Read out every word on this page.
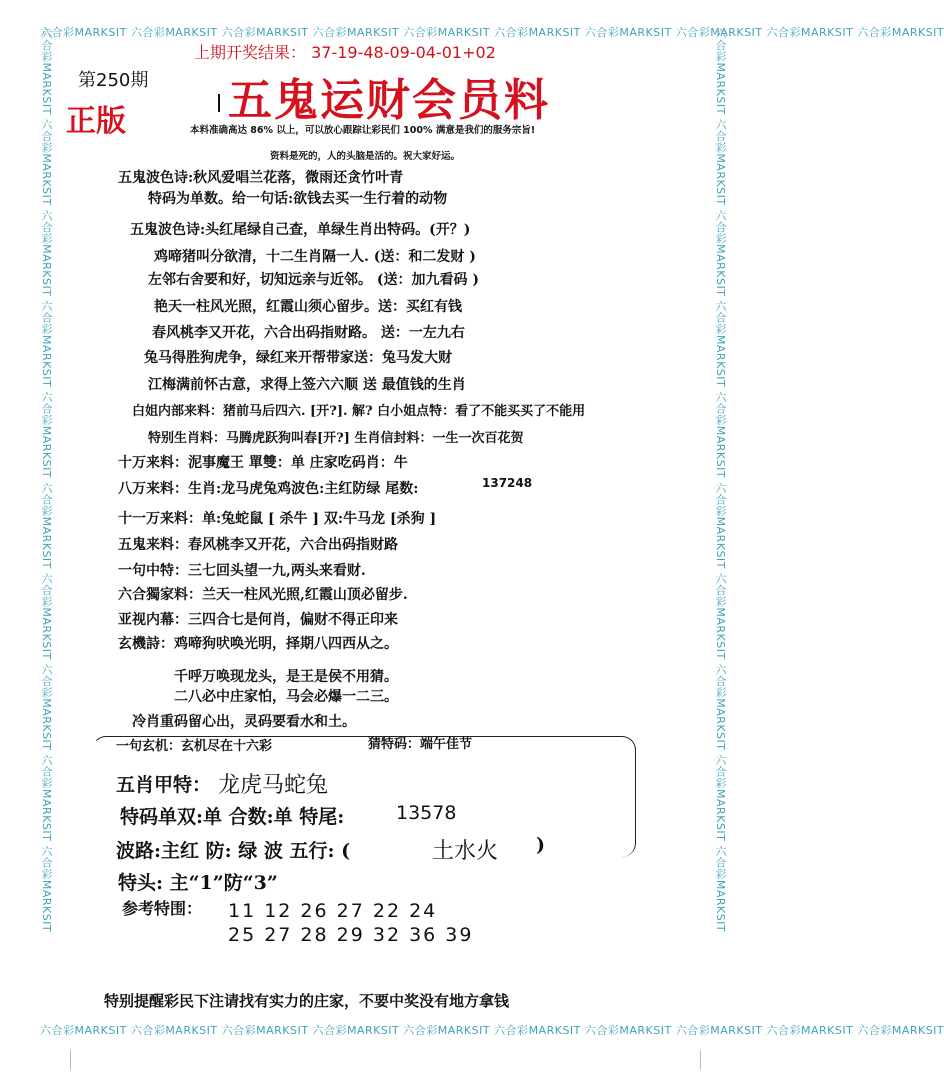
六合彩MARKSIT 六合彩MARKSIT 六合彩MARKSIT 六合彩MARKSIT 六合彩MARKSIT 六合彩MARKSIT 六合彩MARKSIT 六合彩MARKSIT 六合彩MARKSIT 六合彩MARKSIT
六合彩MARKSIT 六合彩MARKSIT 六合彩MARKSIT 六合彩MARKSIT 六合彩MARKSIT 六合彩MARKSIT 六合彩MARKSIT 六合彩MARKSIT 六合彩MARKSIT 六合彩MARKSIT
六合彩MARKSIT 六合彩MARKSIT 六合彩MARKSIT 六合彩MARKSIT 六合彩MARKSIT 六合彩MARKSIT 六合彩MARKSIT 六合彩MARKSIT 六合彩MARKSIT 六合彩MARKSIT	六合彩MARKSIT 六合彩MARKSIT 六合彩MARKSIT 六合彩MARKSIT 六合彩MARKSIT 六合彩MARKSIT 六合彩MARKSIT 六合彩MARKSIT 六合彩MARKSIT 六合彩MARKSIT
上期开奖结果： 37-19-48-09-04-01+02
第250期
正版 五鬼运财会员料
本料准确高达 86% 以上，可以放心跟踪让彩民们 100% 满意是我们的服务宗旨!
资料是死的，人的头脑是活的。祝大家好运。
五鬼波色诗:秋风爱唱兰花落，微雨还贪竹叶青
特码为单数。给一句话:欲钱去买一生行着的动物
五鬼波色诗:头红尾绿自己查，单绿生肖出特码。(开？)
鸡啼猪叫分欲清，十二生肖隔一人. (送：和二发财 )
左邻右舍要和好，切知远亲与近邻。 (送：加九看码 )
艳天一柱风光照，红霞山须心留步。送：买红有钱
春风桃李又开花，六合出码指财路。 送：一左九右
兔马得胜狗虎争，绿红来开帮带家送：兔马发大财
江梅满前怀古意，求得上签六六顺 送 最值钱的生肖
白姐内部来料：猪前马后四六. [开?]. 解? 白小姐点特：看了不能买买了不能用
特别生肖料：马腾虎跃狗叫春[开?] 生肖信封料：一生一次百花贺
十万来料：泥事魔王 單雙：单 庄家吃码肖：牛
八万来料：生肖:龙马虎兔鸡波色:主红防绿 尾数:	137248
十一万来料：单:兔蛇鼠 [ 杀牛 ] 双:牛马龙 [杀狗 ]
五鬼来料：春风桃李又开花，六合出码指财路
一句中特：三七回头望一九,两头来看财.
六合獨家料：兰天一柱风光照,红霞山顶必留步.
亚视内幕：三四合七是何肖，偏财不得正印来
玄機詩：鸡啼狗吠唤光明，择期八四西从之。
千呼万唤现龙头，是王是侯不用猜。
二八必中庄家怕，马会必爆一二三。
冷肖重码留心出，灵码要看水和土。
一句玄机：玄机尽在十六彩	猜特码：端午佳节
五肖甲特： 龙虎马蛇兔
特码单双:单 合数:单 特尾:	13578
波路:主红 防: 绿 波 五行: (	土水火 )
特头: 主“1”防“3”
参考特围： 11 12 26 27 22 24
25 27 28 29 32 36 39
特别提醒彩民下注请找有实力的庄家，不要中奖没有地方拿钱
